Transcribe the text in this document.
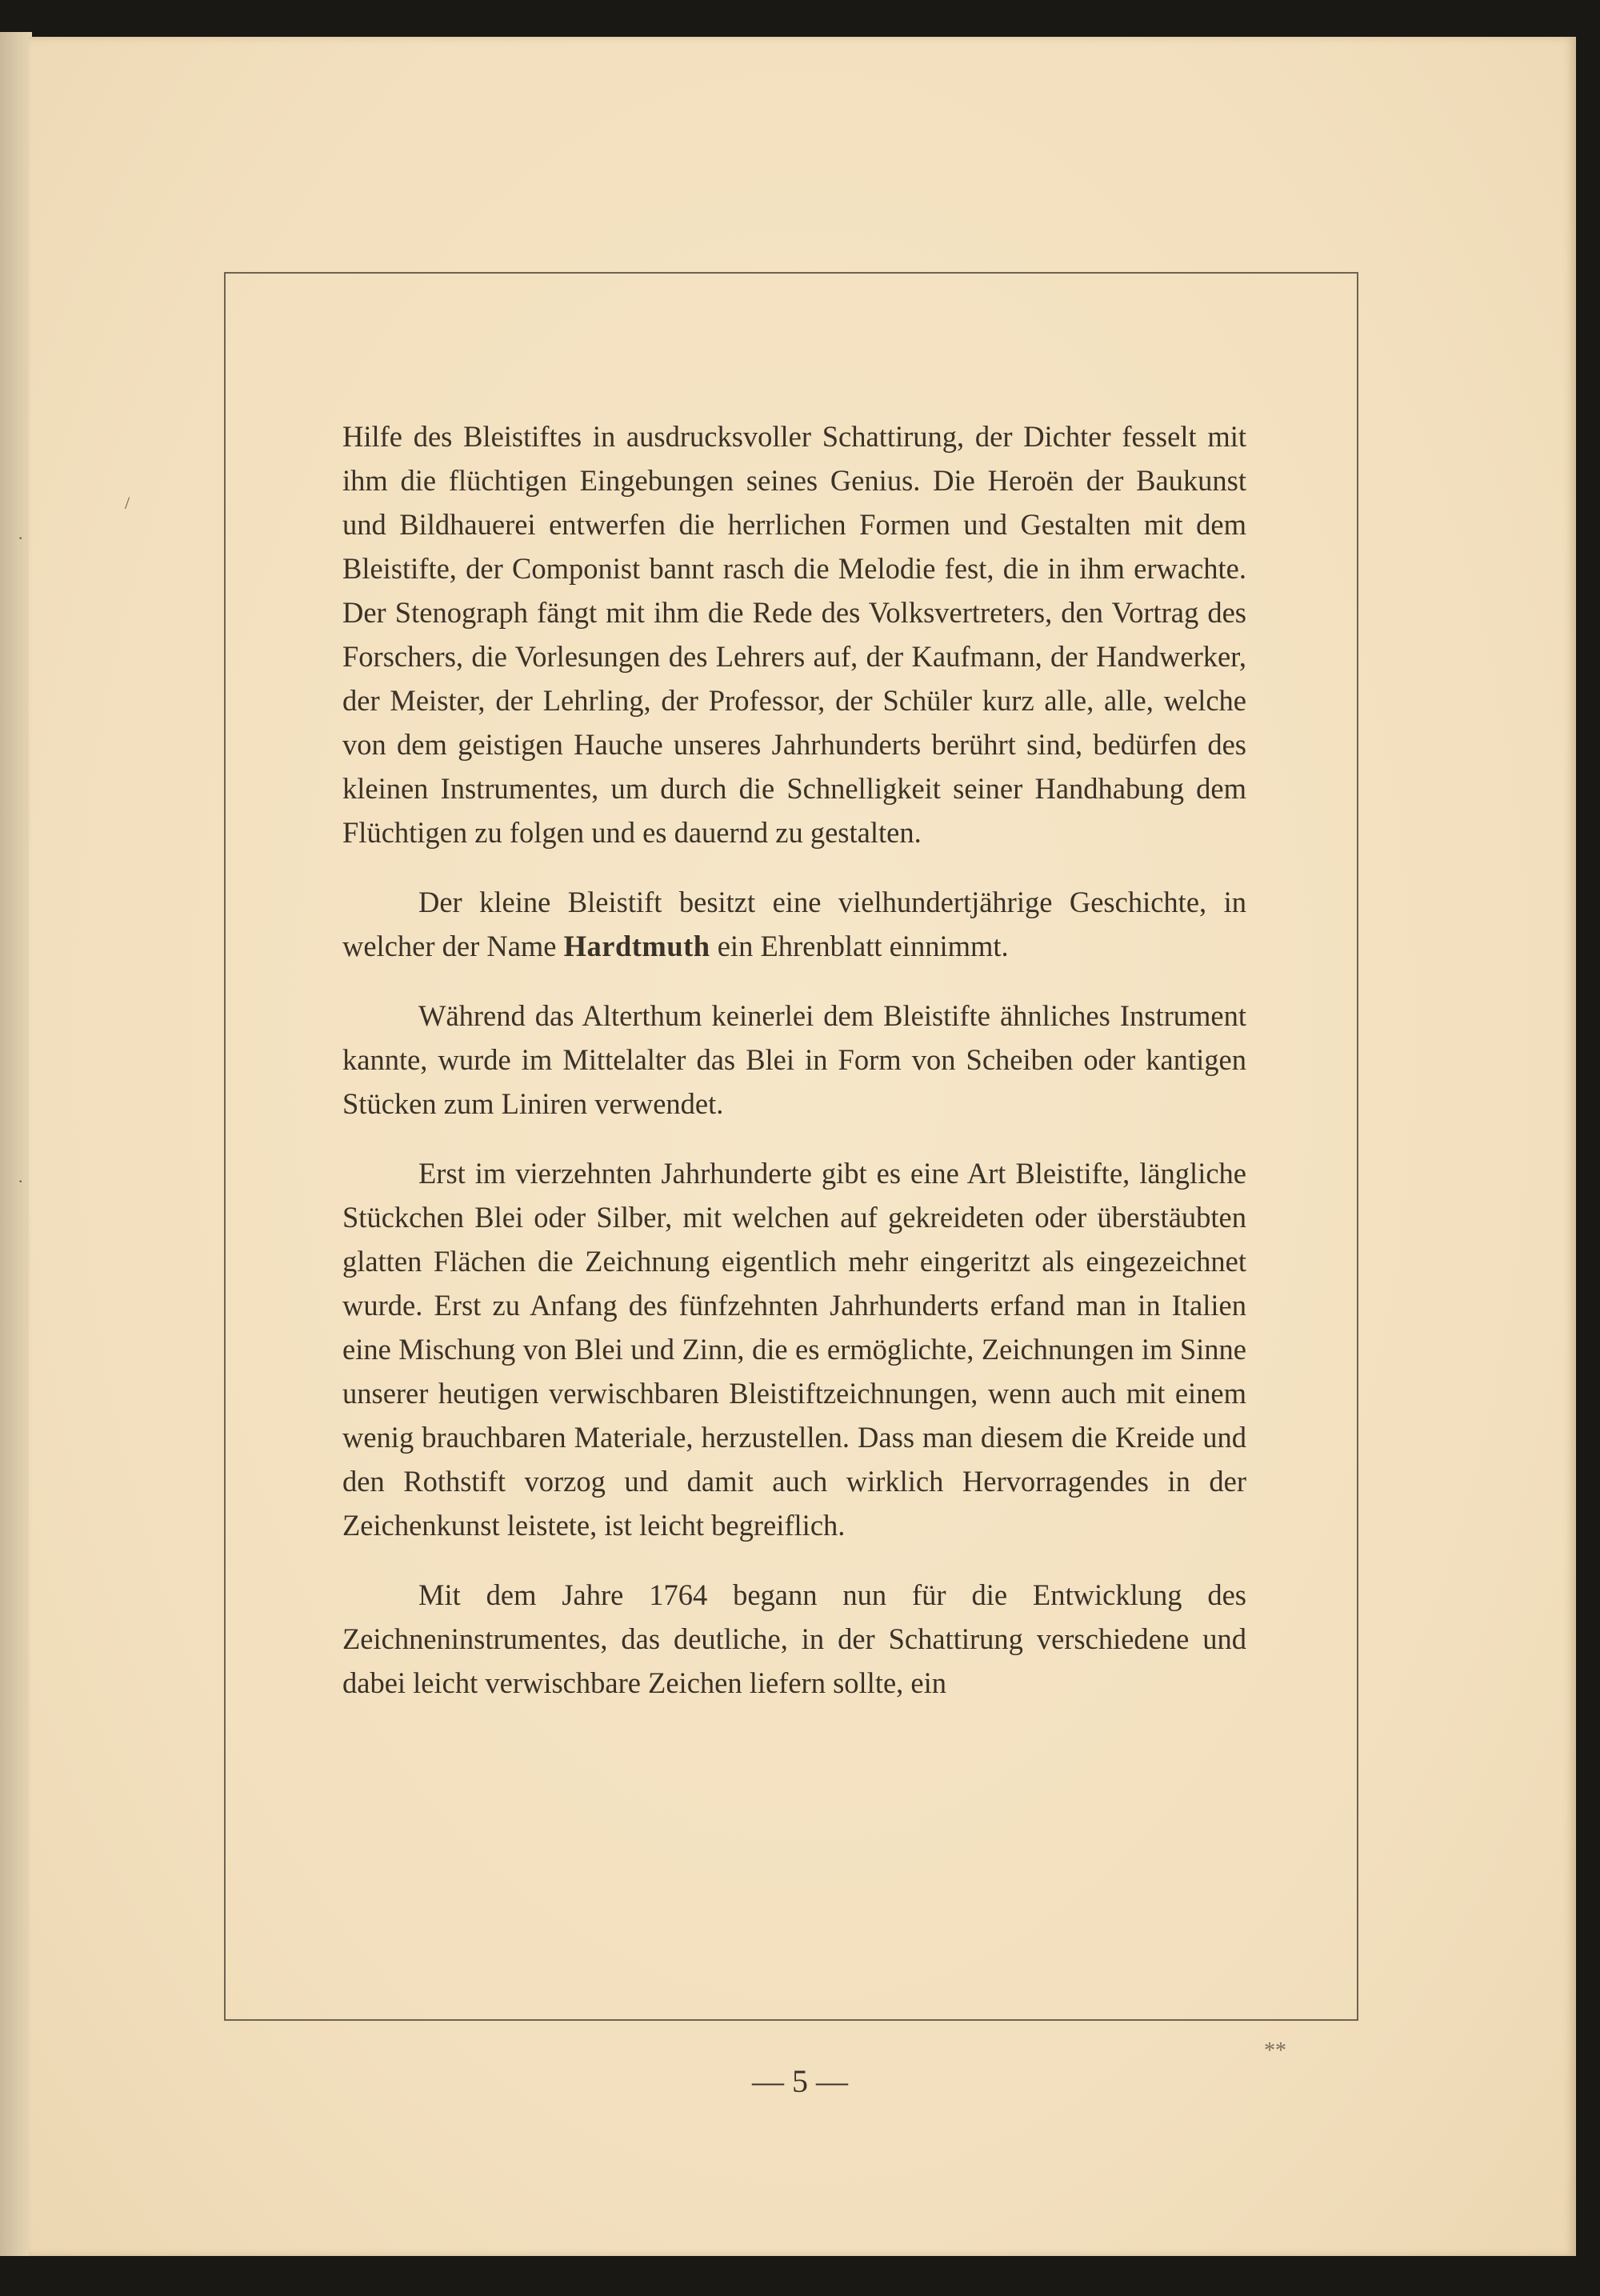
/
·
·

Hilfe des Bleistiftes in ausdrucksvoller Schattirung, der Dichter fesselt mit ihm die flüchtigen Eingebungen seines Genius. Die Heroën der Baukunst und Bildhauerei entwerfen die herrlichen Formen und Gestalten mit dem Bleistifte, der Componist bannt rasch die Melodie fest, die in ihm erwachte. Der Stenograph fängt mit ihm die Rede des Volksvertreters, den Vortrag des Forschers, die Vorlesungen des Lehrers auf, der Kaufmann, der Handwerker, der Meister, der Lehrling, der Professor, der Schüler kurz alle, alle, welche von dem geistigen Hauche unseres Jahrhunderts berührt sind, bedürfen des kleinen Instrumentes, um durch die Schnelligkeit seiner Handhabung dem Flüchtigen zu folgen und es dauernd zu gestalten.

Der kleine Bleistift besitzt eine vielhundertjährige Geschichte, in welcher der Name Hardtmuth ein Ehrenblatt einnimmt.

Während das Alterthum keinerlei dem Bleistifte ähnliches Instrument kannte, wurde im Mittelalter das Blei in Form von Scheiben oder kantigen Stücken zum Liniren verwendet.

Erst im vierzehnten Jahrhunderte gibt es eine Art Bleistifte, längliche Stückchen Blei oder Silber, mit welchen auf gekreideten oder überstäubten glatten Flächen die Zeichnung eigentlich mehr eingeritzt als eingezeichnet wurde. Erst zu Anfang des fünfzehnten Jahrhunderts erfand man in Italien eine Mischung von Blei und Zinn, die es ermöglichte, Zeichnungen im Sinne unserer heutigen verwischbaren Bleistiftzeichnungen, wenn auch mit einem wenig brauchbaren Materiale, herzustellen. Dass man diesem die Kreide und den Rothstift vorzog und damit auch wirklich Hervorragendes in der Zeichenkunst leistete, ist leicht begreiflich.

Mit dem Jahre 1764 begann nun für die Entwicklung des Zeichneninstrumentes, das deutliche, in der Schattirung verschiedene und dabei leicht verwischbare Zeichen liefern sollte, ein

— 5 —
**
